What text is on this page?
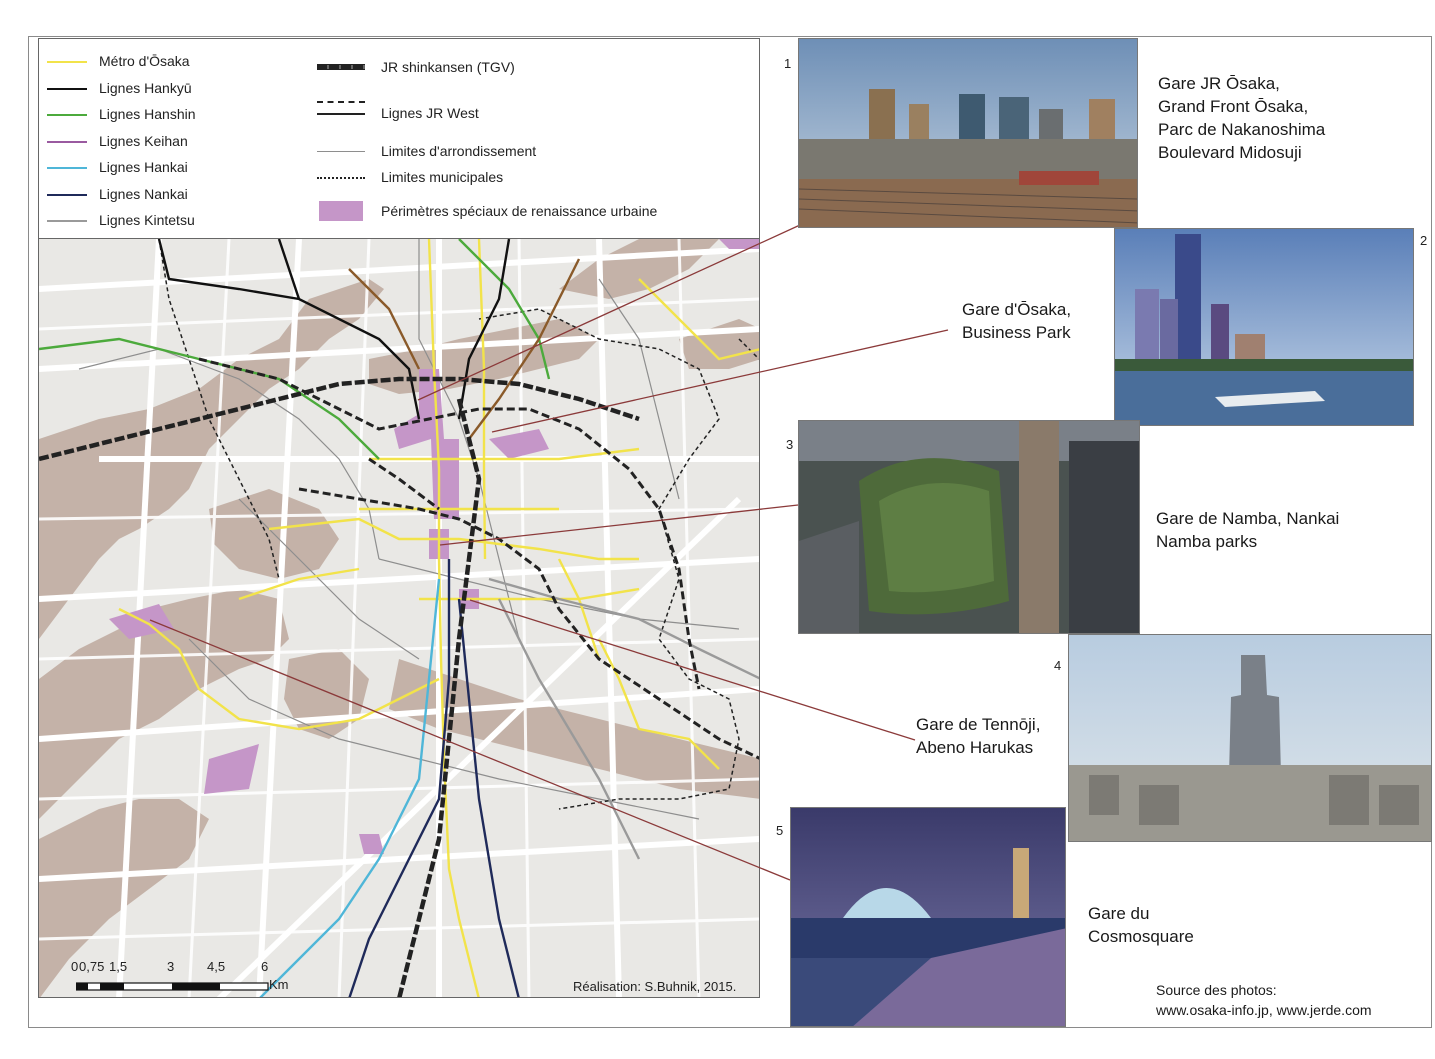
Métro d'Ōsaka
Lignes Hankyū
Lignes Hanshin
Lignes Keihan
Lignes Hankai
Lignes Nankai
Lignes Kintetsu
JR shinkansen (TGV)
Lignes JR West
Limites d'arrondissement
Limites municipales
Périmètres spéciaux de renaissance urbaine
0 0,75 1,5	3	4,5	6
Km	Réalisation: S.Buhnik, 2015.
1
Gare JR Ōsaka,
Grand Front Ōsaka,
Parc de Nakanoshima
Boulevard Midosuji
2
Gare d'Ōsaka,
Business Park
3
Gare de Namba, Nankai
Namba parks
4
Gare de Tennōji,
Abeno Harukas
5
Gare du
Cosmosquare
Source des photos:
www.osaka-info.jp, www.jerde.com
